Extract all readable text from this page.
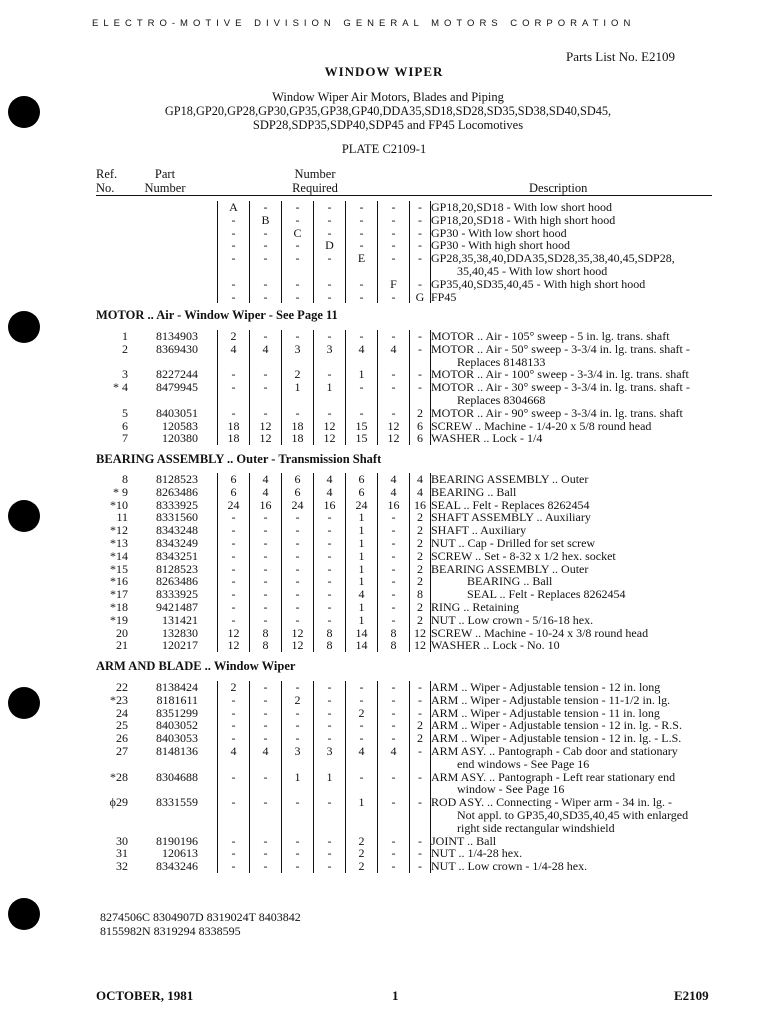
ELECTRO-MOTIVE DIVISION GENERAL MOTORS CORPORATION
Parts List No. E2109
WINDOW WIPER
Window Wiper Air Motors, Blades and Piping
GP18,GP20,GP28,GP30,GP35,GP38,GP40,DDA35,SD18,SD28,SD35,SD38,SD40,SD45,
SDP28,SDP35,SDP40,SDP45 and FP45 Locomotives
PLATE C2109-1
Ref.
No.
Part
Number
Number
Required	Description
			A	-	-	-	-	-	-	GP18,20,SD18 - With low short hood
			-	B	-	-	-	-	-	GP18,20,SD18 - With high short hood
			-	-	C	-	-	-	-	GP30 - With low short hood
			-	-	-	D	-	-	-	GP30 - With high short hood
			-	-	-	-	E	-	-	GP28,35,38,40,DDA35,SD28,35,38,40,45,SDP28,
										35,40,45 - With low short hood
			-	-	-	-	-	F	-	GP35,40,SD35,40,45 - With high short hood
			-	-	-	-	-	-	G	FP45
MOTOR .. Air - Window Wiper - See Page 11
1	8134903		2	-	-	-	-	-	-	MOTOR .. Air - 105° sweep - 5 in. lg. trans. shaft
2	8369430		4	4	3	3	4	4	-	MOTOR .. Air - 50° sweep - 3-3/4 in. lg. trans. shaft -
										Replaces 8148133
3	8227244		-	-	2	-	1	-	-	MOTOR .. Air - 100° sweep - 3-3/4 in. lg. trans. shaft
* 4	8479945		-	-	1	1	-	-	-	MOTOR .. Air - 30° sweep - 3-3/4 in. lg. trans. shaft -
										Replaces 8304668
5	8403051		-	-	-	-	-	-	2	MOTOR .. Air - 90° sweep - 3-3/4 in. lg. trans. shaft
6	120583		18	12	18	12	15	12	6	SCREW .. Machine - 1/4-20 x 5/8 round head
7	120380		18	12	18	12	15	12	6	WASHER .. Lock - 1/4
BEARING ASSEMBLY .. Outer - Transmission Shaft
8	8128523		6	4	6	4	6	4	4	BEARING ASSEMBLY .. Outer
* 9	8263486		6	4	6	4	6	4	4	BEARING .. Ball
*10	8333925		24	16	24	16	24	16	16	SEAL .. Felt - Replaces 8262454
11	8331560		-	-	-	-	1	-	2	SHAFT ASSEMBLY .. Auxiliary
*12	8343248		-	-	-	-	1	-	2	SHAFT .. Auxiliary
*13	8343249		-	-	-	-	1	-	2	NUT .. Cap - Drilled for set screw
*14	8343251		-	-	-	-	1	-	2	SCREW .. Set - 8-32 x 1/2 hex. socket
*15	8128523		-	-	-	-	1	-	2	BEARING ASSEMBLY .. Outer
*16	8263486		-	-	-	-	1	-	2	BEARING .. Ball
*17	8333925		-	-	-	-	4	-	8	SEAL .. Felt - Replaces 8262454
*18	9421487		-	-	-	-	1	-	2	RING .. Retaining
*19	131421		-	-	-	-	1	-	2	NUT .. Low crown - 5/16-18 hex.
20	132830		12	8	12	8	14	8	12	SCREW .. Machine - 10-24 x 3/8 round head
21	120217		12	8	12	8	14	8	12	WASHER .. Lock - No. 10
ARM AND BLADE .. Window Wiper
22	8138424		2	-	-	-	-	-	-	ARM .. Wiper - Adjustable tension - 12 in. long
*23	8181611		-	-	2	-	-	-	-	ARM .. Wiper - Adjustable tension - 11-1/2 in. lg.
24	8351299		-	-	-	-	2	-	-	ARM .. Wiper - Adjustable tension - 11 in. long
25	8403052		-	-	-	-	-	-	2	ARM .. Wiper - Adjustable tension - 12 in. lg. - R.S.
26	8403053		-	-	-	-	-	-	2	ARM .. Wiper - Adjustable tension - 12 in. lg. - L.S.
27	8148136		4	4	3	3	4	4	-	ARM ASY. .. Pantograph - Cab door and stationary
										end windows - See Page 16
*28	8304688		-	-	1	1	-	-	-	ARM ASY. .. Pantograph - Left rear stationary end
										window - See Page 16
ϕ29	8331559		-	-	-	-	1	-	-	ROD ASY. .. Connecting - Wiper arm - 34 in. lg. -
										Not appl. to GP35,40,SD35,40,45 with enlarged
										right side rectangular windshield
30	8190196		-	-	-	-	2	-	-	JOINT .. Ball
31	120613		-	-	-	-	2	-	-	NUT .. 1/4-28 hex.
32	8343246		-	-	-	-	2	-	-	NUT .. Low crown - 1/4-28 hex.
8274506C 8304907D 8319024T 8403842
8155982N 8319294 8338595
OCTOBER, 1981	1	E2109
